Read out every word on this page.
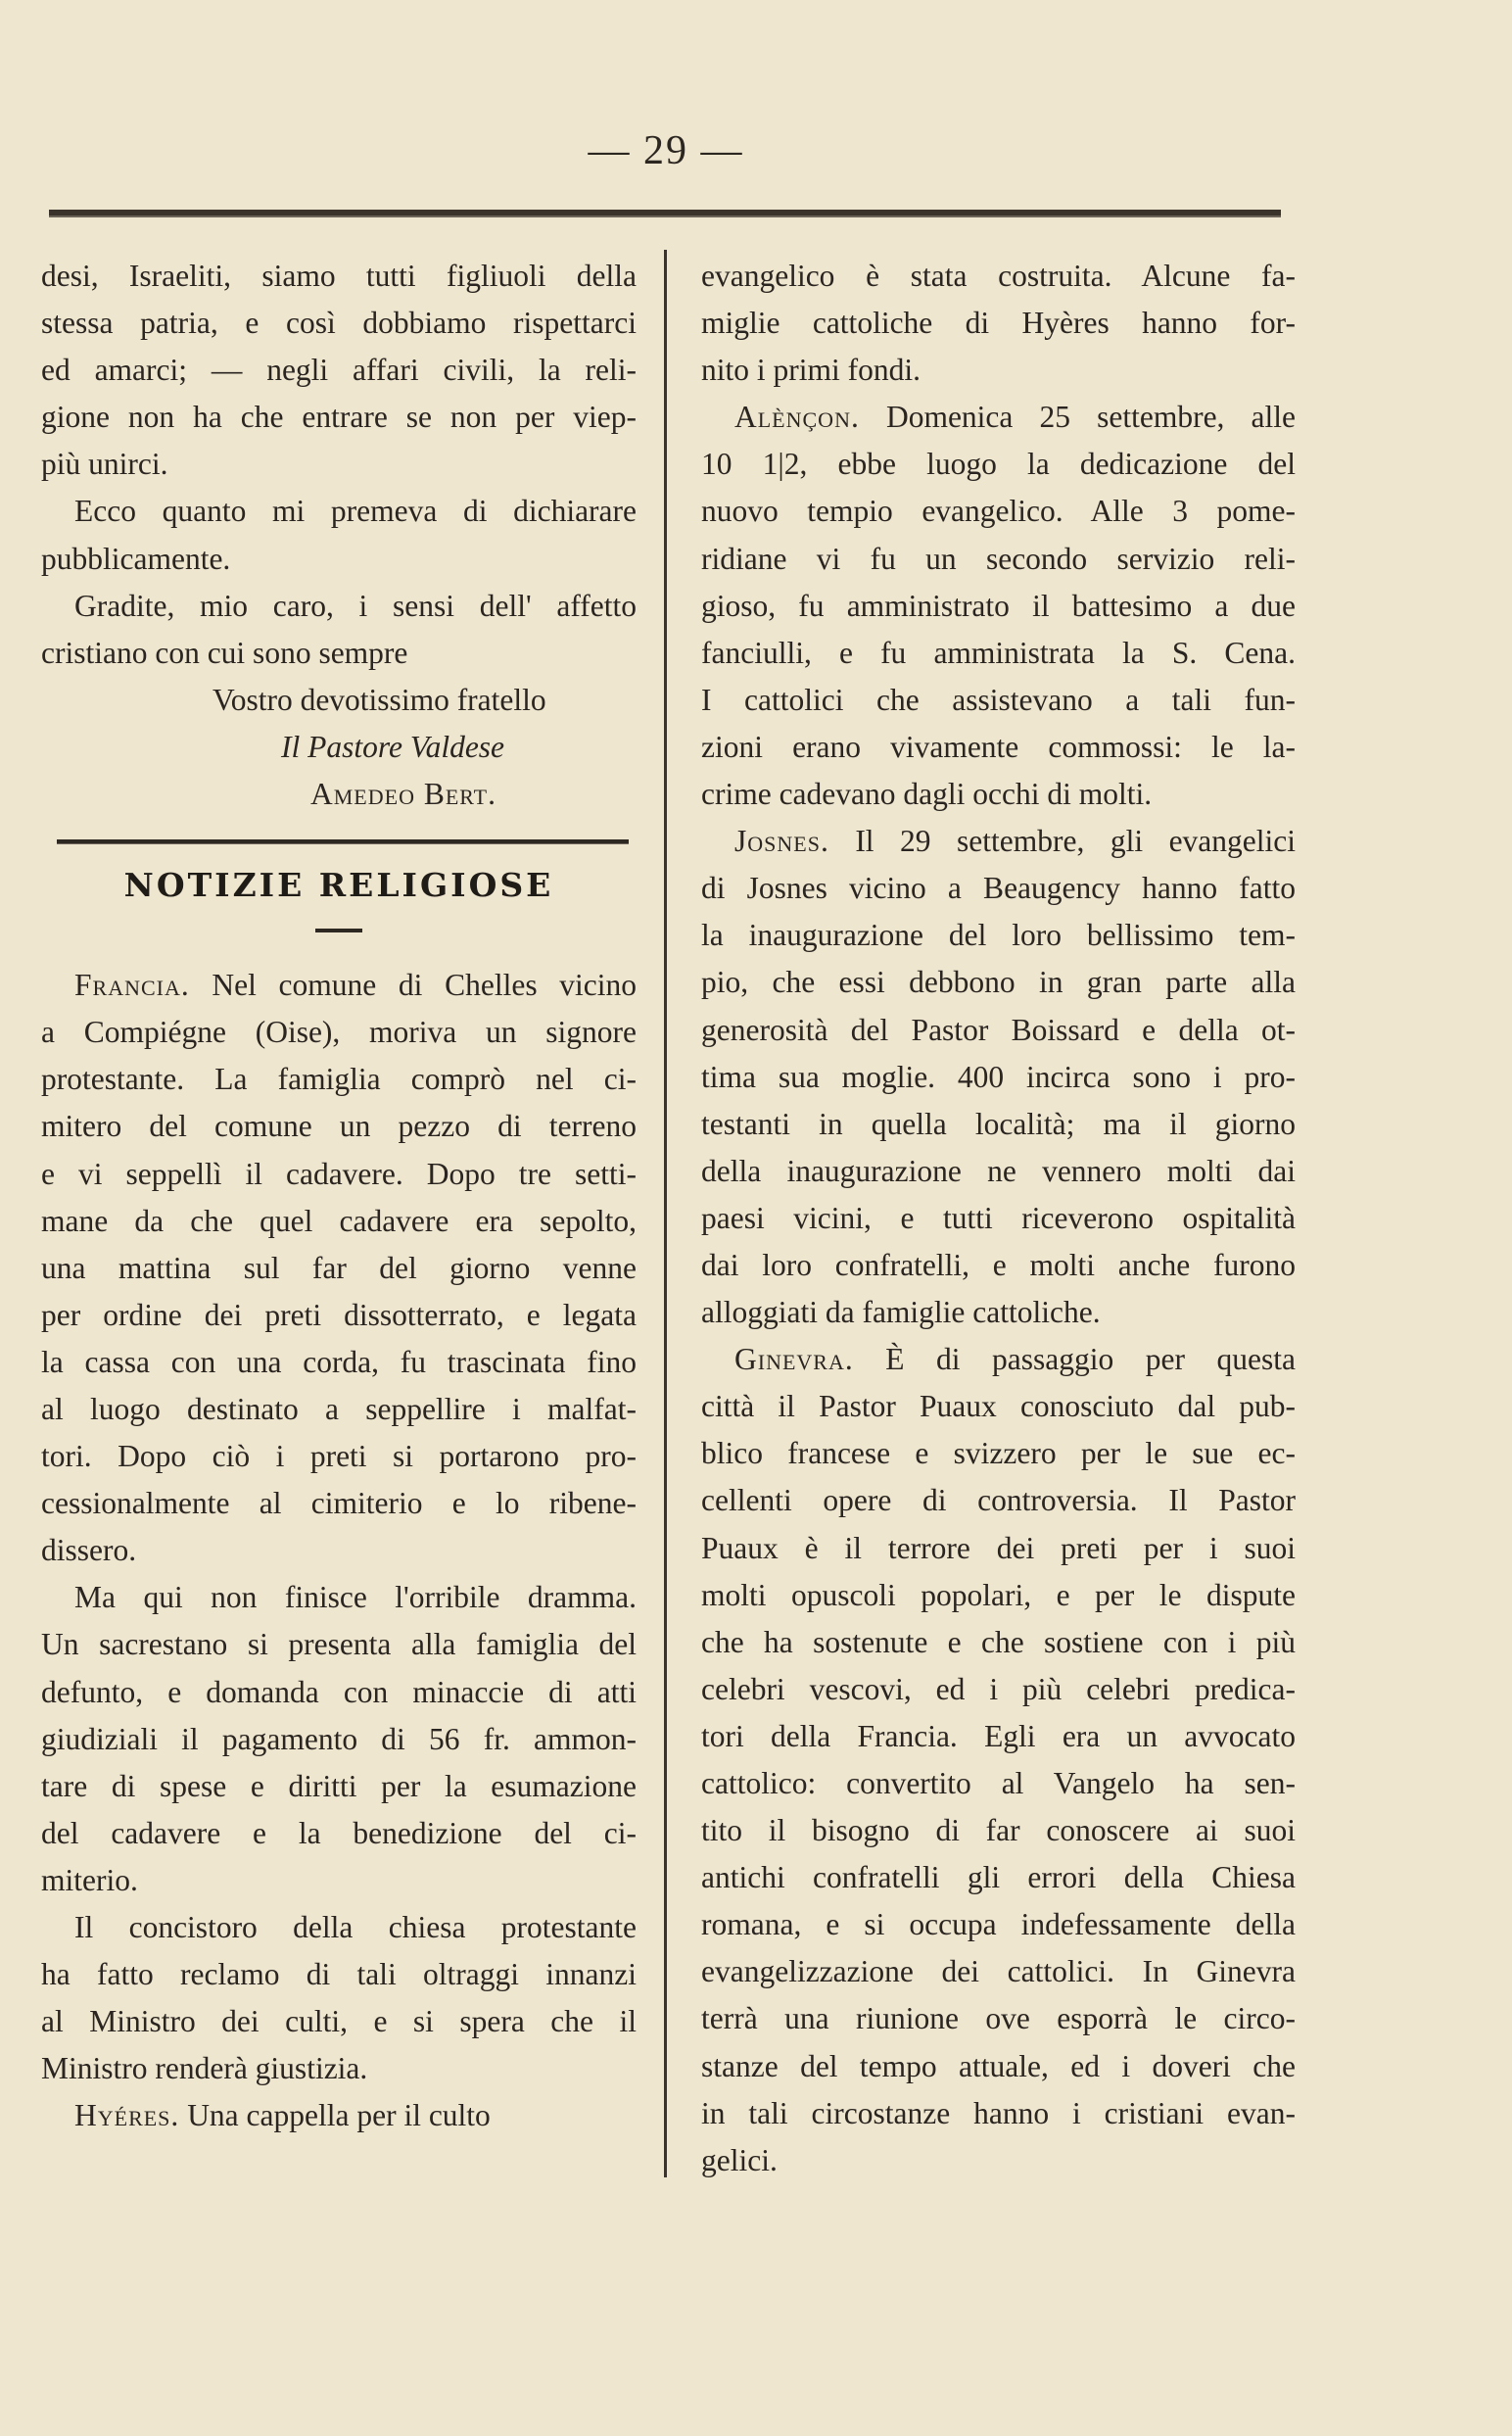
— 29 —
desi, Israeliti, siamo tutti figliuoli della
stessa patria, e così dobbiamo rispettarci
ed amarci; — negli affari civili, la reli-
gione non ha che entrare se non per viep-
più unirci.
Ecco quanto mi premeva di dichiarare
pubblicamente.
Gradite, mio caro, i sensi dell' affetto
cristiano con cui sono sempre
Vostro devotissimo fratello
Il Pastore Valdese
Amedeo Bert.
NOTIZIE RELIGIOSE
Francia. Nel comune di Chelles vicino
a Compiégne (Oise), moriva un signore
protestante. La famiglia comprò nel ci-
mitero del comune un pezzo di terreno
e vi seppellì il cadavere. Dopo tre setti-
mane da che quel cadavere era sepolto,
una mattina sul far del giorno venne
per ordine dei preti dissotterrato, e legata
la cassa con una corda, fu trascinata fino
al luogo destinato a seppellire i malfat-
tori. Dopo ciò i preti si portarono pro-
cessionalmente al cimiterio e lo ribene-
dissero.
Ma qui non finisce l'orribile dramma.
Un sacrestano si presenta alla famiglia del
defunto, e domanda con minaccie di atti
giudiziali il pagamento di 56 fr. ammon-
tare di spese e diritti per la esumazione
del cadavere e la benedizione del ci-
miterio.
Il concistoro della chiesa protestante
ha fatto reclamo di tali oltraggi innanzi
al Ministro dei culti, e si spera che il
Ministro renderà giustizia.
Hyéres. Una cappella per il culto
evangelico è stata costruita. Alcune fa-
miglie cattoliche di Hyères hanno for-
nito i primi fondi.
Alènçon. Domenica 25 settembre, alle
10 1|2, ebbe luogo la dedicazione del
nuovo tempio evangelico. Alle 3 pome-
ridiane vi fu un secondo servizio reli-
gioso, fu amministrato il battesimo a due
fanciulli, e fu amministrata la S. Cena.
I cattolici che assistevano a tali fun-
zioni erano vivamente commossi: le la-
crime cadevano dagli occhi di molti.
Josnes. Il 29 settembre, gli evangelici
di Josnes vicino a Beaugency hanno fatto
la inaugurazione del loro bellissimo tem-
pio, che essi debbono in gran parte alla
generosità del Pastor Boissard e della ot-
tima sua moglie. 400 incirca sono i pro-
testanti in quella località; ma il giorno
della inaugurazione ne vennero molti dai
paesi vicini, e tutti riceverono ospitalità
dai loro confratelli, e molti anche furono
alloggiati da famiglie cattoliche.
Ginevra. È di passaggio per questa
città il Pastor Puaux conosciuto dal pub-
blico francese e svizzero per le sue ec-
cellenti opere di controversia. Il Pastor
Puaux è il terrore dei preti per i suoi
molti opuscoli popolari, e per le dispute
che ha sostenute e che sostiene con i più
celebri vescovi, ed i più celebri predica-
tori della Francia. Egli era un avvocato
cattolico: convertito al Vangelo ha sen-
tito il bisogno di far conoscere ai suoi
antichi confratelli gli errori della Chiesa
romana, e si occupa indefessamente della
evangelizzazione dei cattolici. In Ginevra
terrà una riunione ove esporrà le circo-
stanze del tempo attuale, ed i doveri che
in tali circostanze hanno i cristiani evan-
gelici.
